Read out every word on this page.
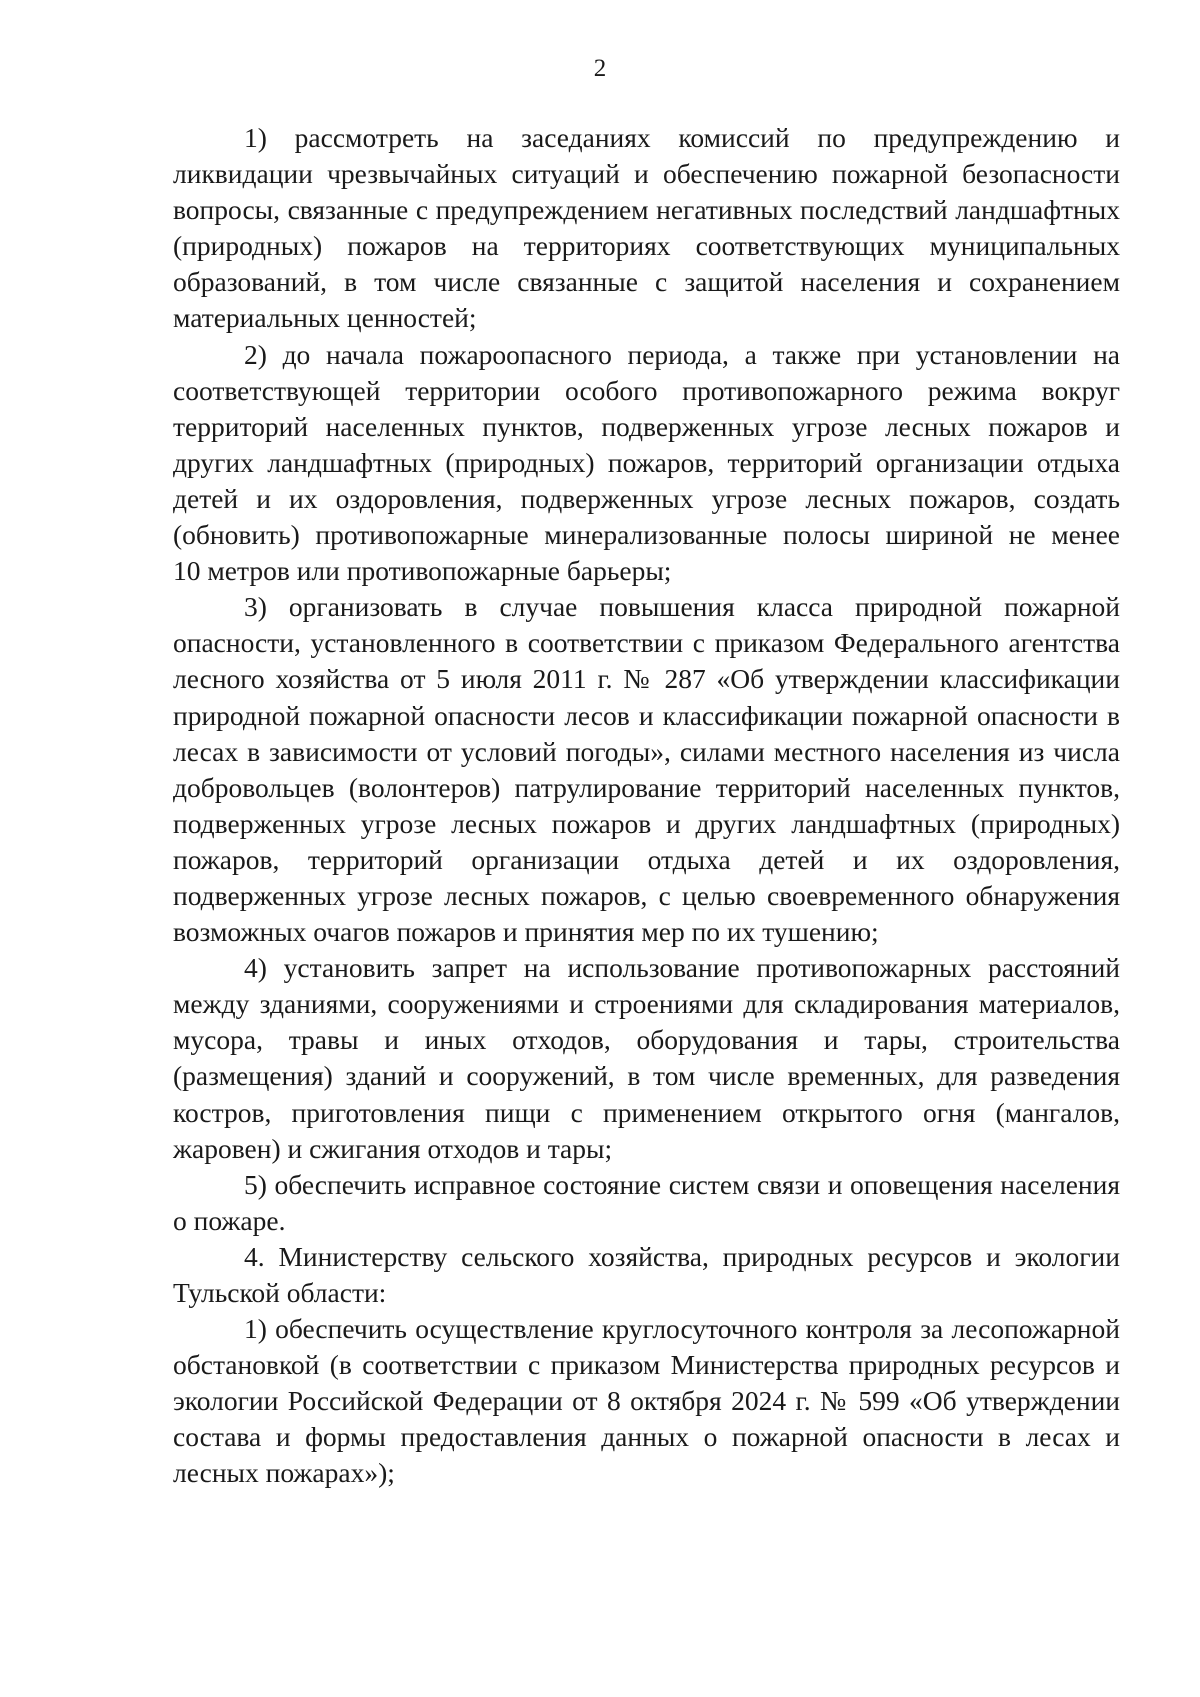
2

1) рассмотреть на заседаниях комиссий по предупреждению и ликвидации чрезвычайных ситуаций и обеспечению пожарной безопасности вопросы, связанные с предупреждением негативных последствий ландшафтных (природных) пожаров на территориях соответствующих муниципальных образований, в том числе связанные с защитой населения и сохранением материальных ценностей;

2) до начала пожароопасного периода, а также при установлении на соответствующей территории особого противопожарного режима вокруг территорий населенных пунктов, подверженных угрозе лесных пожаров и других ландшафтных (природных) пожаров, территорий организации отдыха детей и их оздоровления, подверженных угрозе лесных пожаров, создать (обновить) противопожарные минерализованные полосы шириной не менее 10 метров или противопожарные барьеры;

3) организовать в случае повышения класса природной пожарной опасности, установленного в соответствии с приказом Федерального агентства лесного хозяйства от 5 июля 2011 г. № 287 «Об утверждении классификации природной пожарной опасности лесов и классификации пожарной опасности в лесах в зависимости от условий погоды», силами местного населения из числа добровольцев (волонтеров) патрулирование территорий населенных пунктов, подверженных угрозе лесных пожаров и других ландшафтных (природных) пожаров, территорий организации отдыха детей и их оздоровления, подверженных угрозе лесных пожаров, с целью своевременного обнаружения возможных очагов пожаров и принятия мер по их тушению;

4) установить запрет на использование противопожарных расстояний между зданиями, сооружениями и строениями для складирования материалов, мусора, травы и иных отходов, оборудования и тары, строительства (размещения) зданий и сооружений, в том числе временных, для разведения костров, приготовления пищи с применением открытого огня (мангалов, жаровен) и сжигания отходов и тары;

5) обеспечить исправное состояние систем связи и оповещения населения о пожаре.

4. Министерству сельского хозяйства, природных ресурсов и экологии Тульской области:

1) обеспечить осуществление круглосуточного контроля за лесопожарной обстановкой (в соответствии с приказом Министерства природных ресурсов и экологии Российской Федерации от 8 октября 2024 г. № 599 «Об утверждении состава и формы предоставления данных о пожарной опасности в лесах и лесных пожарах»);
